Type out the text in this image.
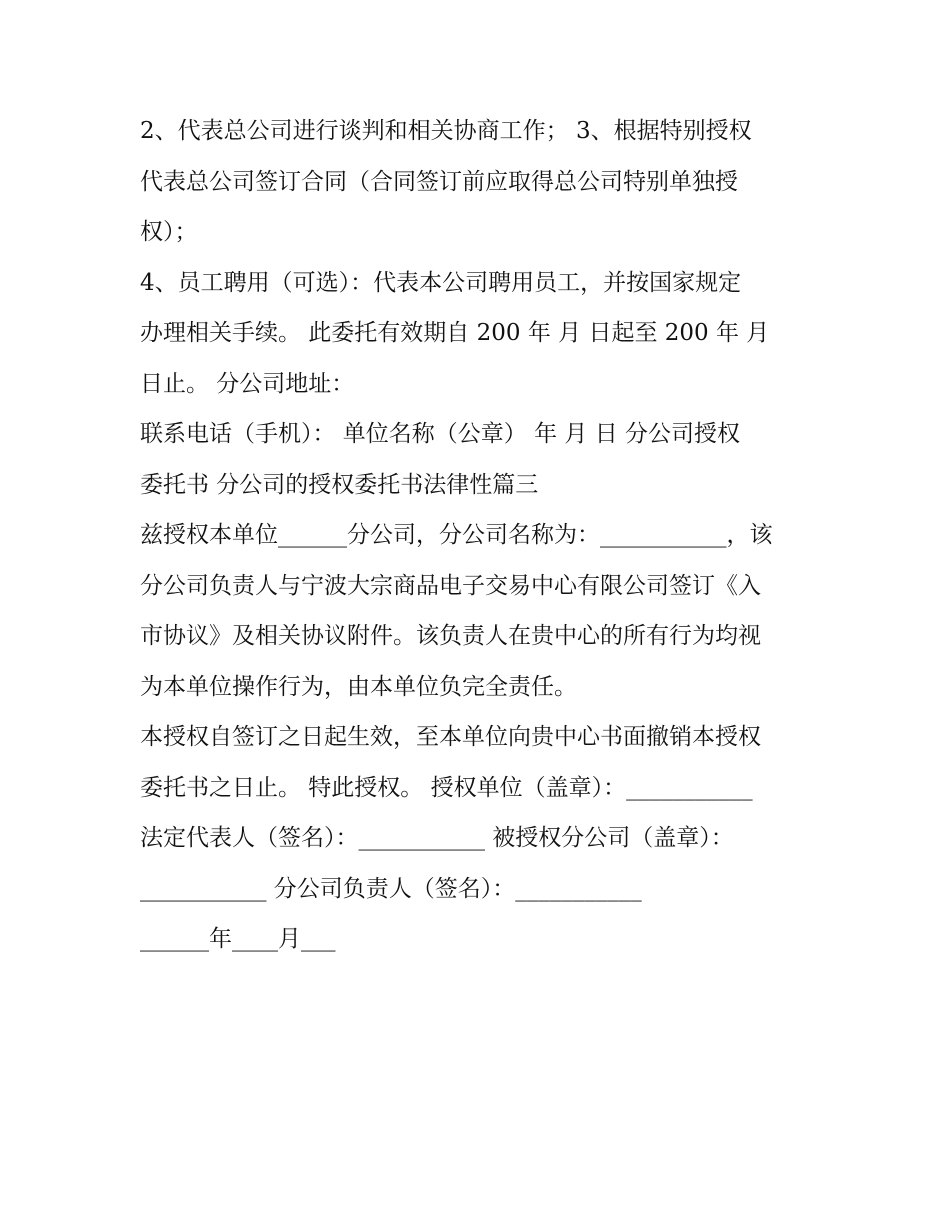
2、代表总公司进行谈判和相关协商工作； 3、根据特别授权
代表总公司签订合同（合同签订前应取得总公司特别单独授
权）；
4、员工聘用（可选）：代表本公司聘用员工，并按国家规定
办理相关手续。 此委托有效期自 200 年 月 日起至 200 年 月
日止。 分公司地址：
联系电话（手机）： 单位名称（公章） 年 月 日 分公司授权
委托书 分公司的授权委托书法律性篇三
兹授权本单位______分公司，分公司名称为：___________，该
分公司负责人与宁波大宗商品电子交易中心有限公司签订《入
市协议》及相关协议附件。该负责人在贵中心的所有行为均视
为本单位操作行为，由本单位负完全责任。
本授权自签订之日起生效，至本单位向贵中心书面撤销本授权
委托书之日止。 特此授权。 授权单位（盖章）：___________
法定代表人（签名）：___________ 被授权分公司（盖章）：
___________ 分公司负责人（签名）：___________
______年____月___
